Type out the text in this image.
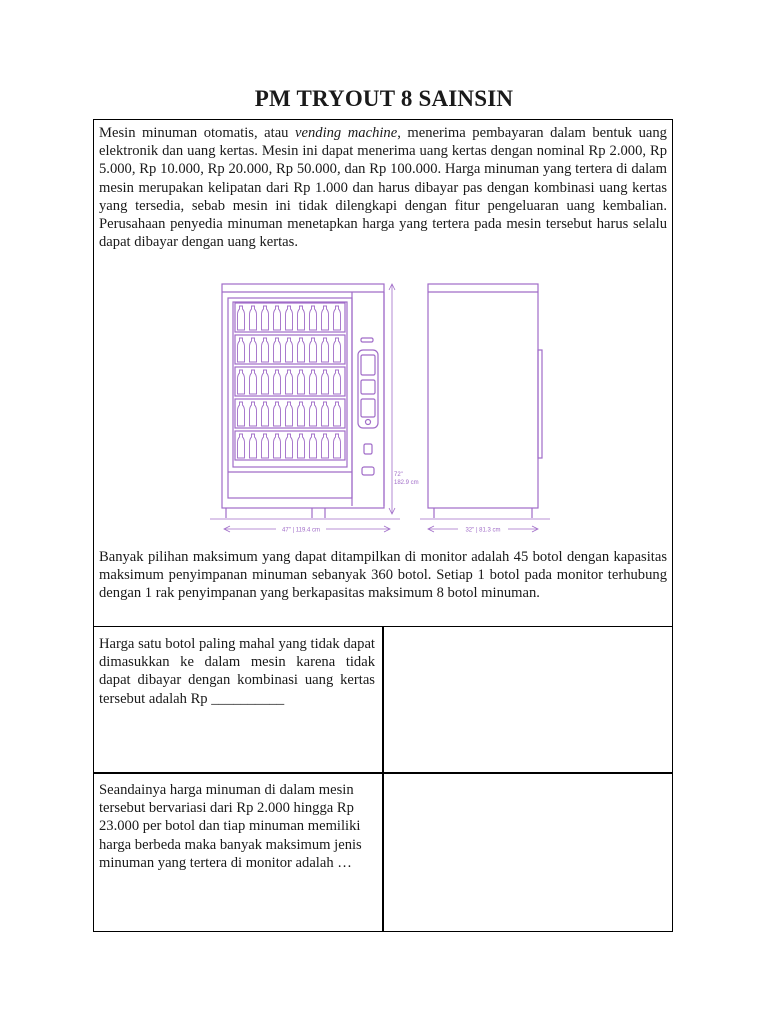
PM TRYOUT 8 SAINSIN

Mesin minuman otomatis, atau vending machine, menerima pembayaran dalam bentuk uang elektronik dan uang kertas. Mesin ini dapat menerima uang kertas dengan nominal Rp 2.000, Rp 5.000, Rp 10.000, Rp 20.000, Rp 50.000, dan Rp 100.000. Harga minuman yang tertera di dalam mesin merupakan kelipatan dari Rp 1.000 dan harus dibayar pas dengan kombinasi uang kertas yang tersedia, sebab mesin ini tidak dilengkapi dengan fitur pengeluaran uang kembalian. Perusahaan penyedia minuman menetapkan harga yang tertera pada mesin tersebut harus selalu dapat dibayar dengan uang kertas.

47" | 119.4 cm
72"
182.9 cm
32" | 81.3 cm

Banyak pilihan maksimum yang dapat ditampilkan di monitor adalah 45 botol dengan kapasitas maksimum penyimpanan minuman sebanyak 360 botol. Setiap 1 botol pada monitor terhubung dengan 1 rak penyimpanan yang berkapasitas maksimum 8 botol minuman.

Harga satu botol paling mahal yang tidak dapat dimasukkan ke dalam mesin karena tidak dapat dibayar dengan kombinasi uang kertas tersebut adalah Rp __________

Seandainya harga minuman di dalam mesin tersebut bervariasi dari Rp 2.000 hingga Rp 23.000 per botol dan tiap minuman memiliki harga berbeda maka banyak maksimum jenis minuman yang tertera di monitor adalah …
